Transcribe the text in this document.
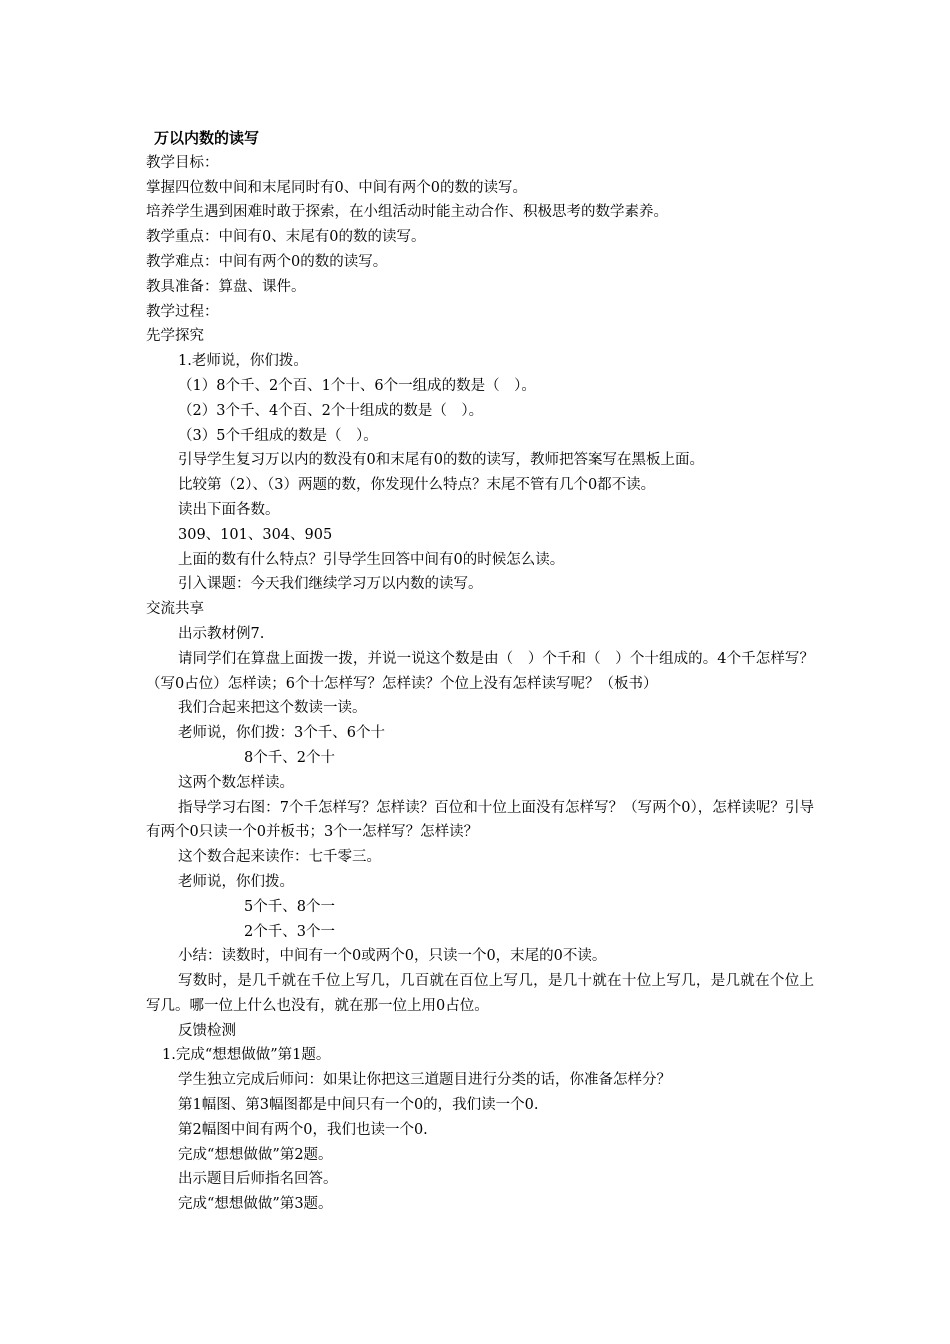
万以内数的读写
教学目标：
掌握四位数中间和末尾同时有0、中间有两个0的数的读写。
培养学生遇到困难时敢于探索，在小组活动时能主动合作、积极思考的数学素养。
教学重点：中间有0、末尾有0的数的读写。
教学难点：中间有两个0的数的读写。
教具准备：算盘、课件。
教学过程：
先学探究
1.老师说，你们拨。
（1）8个千、2个百、1个十、6个一组成的数是（　）。
（2）3个千、4个百、2个十组成的数是（　）。
（3）5个千组成的数是（　）。
引导学生复习万以内的数没有0和末尾有0的数的读写，教师把答案写在黑板上面。
比较第（2）、（3）两题的数，你发现什么特点？末尾不管有几个0都不读。
读出下面各数。
309、101、304、905
上面的数有什么特点？引导学生回答中间有0的时候怎么读。
引入课题：今天我们继续学习万以内数的读写。
交流共享
出示教材例7.
请同学们在算盘上面拨一拨，并说一说这个数是由（　）个千和（　）个十组成的。4个千怎样写？（写0占位）怎样读；6个十怎样写？怎样读？个位上没有怎样读写呢？（板书）
我们合起来把这个数读一读。
老师说，你们拨：3个千、6个十
8个千、2个十
这两个数怎样读。
指导学习右图：7个千怎样写？怎样读？百位和十位上面没有怎样写？（写两个0），怎样读呢？引导有两个0只读一个0并板书；3个一怎样写？怎样读？
这个数合起来读作：七千零三。
老师说，你们拨。
5个千、8个一
2个千、3个一
小结：读数时，中间有一个0或两个0，只读一个0，末尾的0不读。
写数时，是几千就在千位上写几，几百就在百位上写几，是几十就在十位上写几，是几就在个位上写几。哪一位上什么也没有，就在那一位上用0占位。
反馈检测
1.完成“想想做做”第1题。
学生独立完成后师问：如果让你把这三道题目进行分类的话，你准备怎样分？
第1幅图、第3幅图都是中间只有一个0的，我们读一个0.
第2幅图中间有两个0，我们也读一个0.
完成“想想做做”第2题。
出示题目后师指名回答。
完成“想想做做”第3题。
